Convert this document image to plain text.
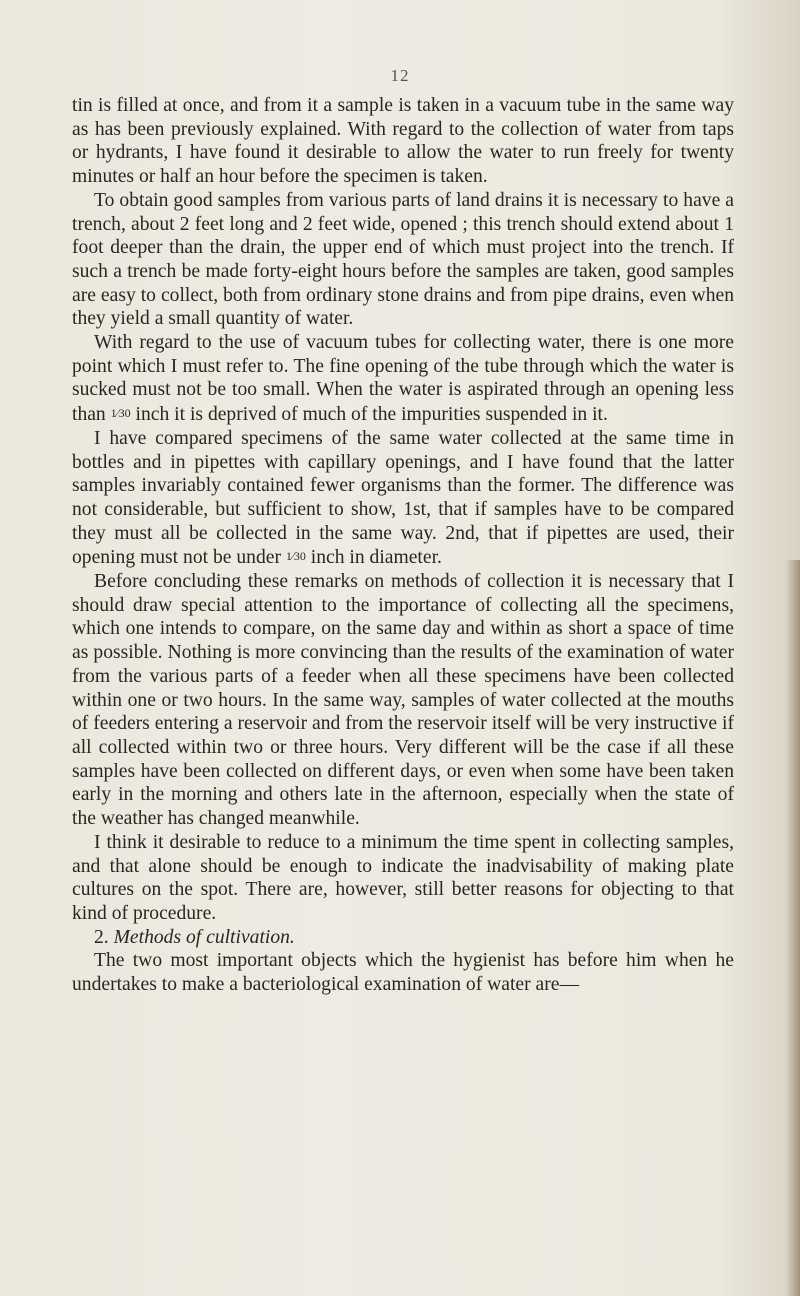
12

tin is filled at once, and from it a sample is taken in a vacuum tube in the same way as has been previously explained. With regard to the collection of water from taps or hydrants, I have found it desirable to allow the water to run freely for twenty minutes or half an hour before the specimen is taken.

To obtain good samples from various parts of land drains it is necessary to have a trench, about 2 feet long and 2 feet wide, opened ; this trench should extend about 1 foot deeper than the drain, the upper end of which must project into the trench. If such a trench be made forty-eight hours before the samples are taken, good samples are easy to collect, both from ordinary stone drains and from pipe drains, even when they yield a small quantity of water.

With regard to the use of vacuum tubes for collecting water, there is one more point which I must refer to. The fine opening of the tube through which the water is sucked must not be too small. When the water is aspirated through an opening less than 1⁄30 inch it is deprived of much of the impurities suspended in it.

I have compared specimens of the same water collected at the same time in bottles and in pipettes with capillary openings, and I have found that the latter samples invariably contained fewer organisms than the former. The difference was not considerable, but sufficient to show, 1st, that if samples have to be compared they must all be collected in the same way. 2nd, that if pipettes are used, their opening must not be under 1⁄30 inch in diameter.

Before concluding these remarks on methods of collection it is necessary that I should draw special attention to the importance of collecting all the specimens, which one intends to compare, on the same day and within as short a space of time as possible. Nothing is more convincing than the results of the examination of water from the various parts of a feeder when all these specimens have been collected within one or two hours. In the same way, samples of water collected at the mouths of feeders entering a reservoir and from the reservoir itself will be very instructive if all collected within two or three hours. Very different will be the case if all these samples have been collected on different days, or even when some have been taken early in the morning and others late in the afternoon, especially when the state of the weather has changed meanwhile.

I think it desirable to reduce to a minimum the time spent in collecting samples, and that alone should be enough to indicate the inadvisability of making plate cultures on the spot. There are, however, still better reasons for objecting to that kind of procedure.

2. Methods of cultivation.

The two most important objects which the hygienist has before him when he undertakes to make a bacteriological examination of water are—
